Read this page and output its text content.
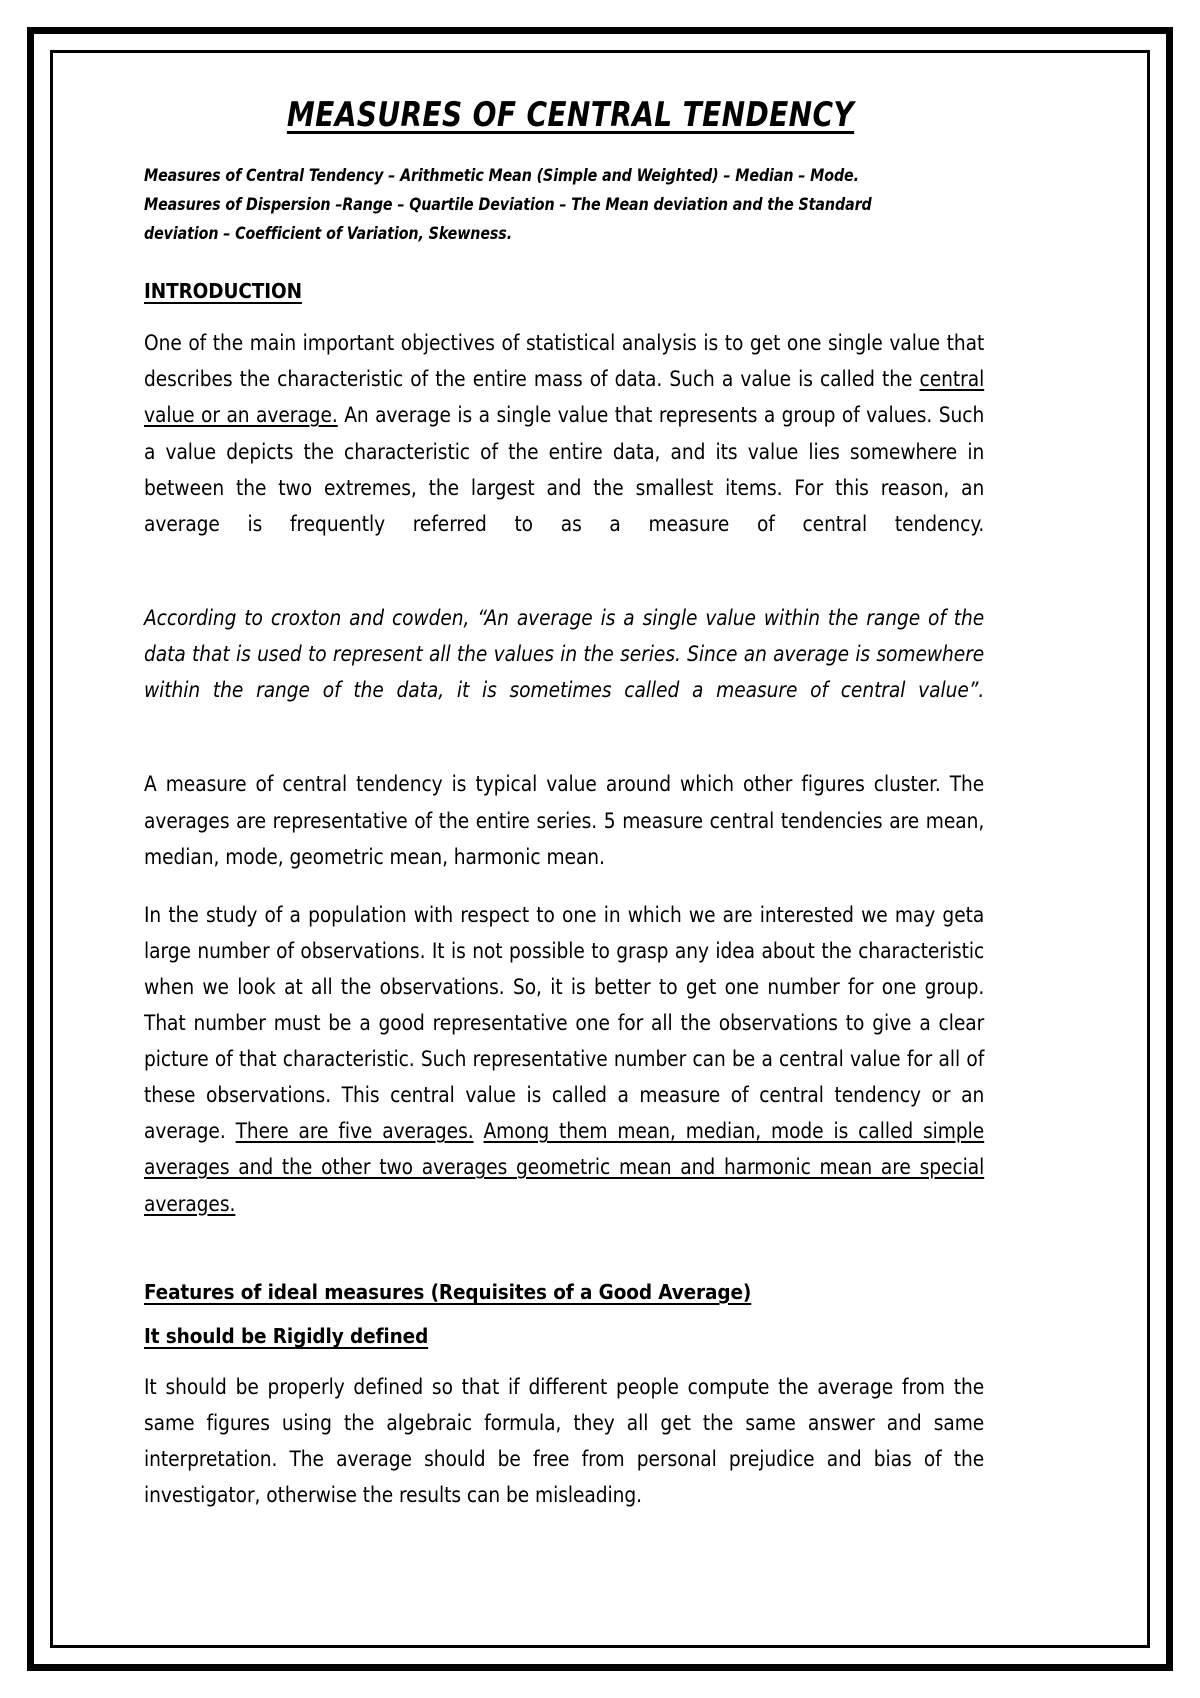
MEASURES OF CENTRAL TENDENCY
Measures of Central Tendency – Arithmetic Mean (Simple and Weighted) – Median – Mode.
Measures of Dispersion –Range – Quartile Deviation – The Mean deviation and the Standard
deviation – Coefficient of Variation, Skewness.
INTRODUCTION

One of the main important objectives of statistical analysis is to get one single value that describes the characteristic of the entire mass of data. Such a value is called the central value or an average. An average is a single value that represents a group of values. Such a value depicts the characteristic of the entire data, and its value lies somewhere in between the two extremes, the largest and the smallest items. For this reason, an average is frequently referred to as a measure of central tendency.

According to croxton and cowden, “An average is a single value within the range of the data that is used to represent all the values in the series. Since an average is somewhere within the range of the data, it is sometimes called a measure of central value”.

A measure of central tendency is typical value around which other figures cluster. The averages are representative of the entire series. 5 measure central tendencies are mean, median, mode, geometric mean, harmonic mean.

In the study of a population with respect to one in which we are interested we may geta large number of observations. It is not possible to grasp any idea about the characteristic when we look at all the observations. So, it is better to get one number for one group. That number must be a good representative one for all the observations to give a clear picture of that characteristic. Such representative number can be a central value for all of these observations. This central value is called a measure of central tendency or an average. There are five averages. Among them mean, median, mode is called simple averages and the other two averages geometric mean and harmonic mean are special averages.

Features of ideal measures (Requisites of a Good Average)
It should be Rigidly defined

It should be properly defined so that if different people compute the average from the same figures using the algebraic formula, they all get the same answer and same interpretation. The average should be free from personal prejudice and bias of the investigator, otherwise the results can be misleading.
